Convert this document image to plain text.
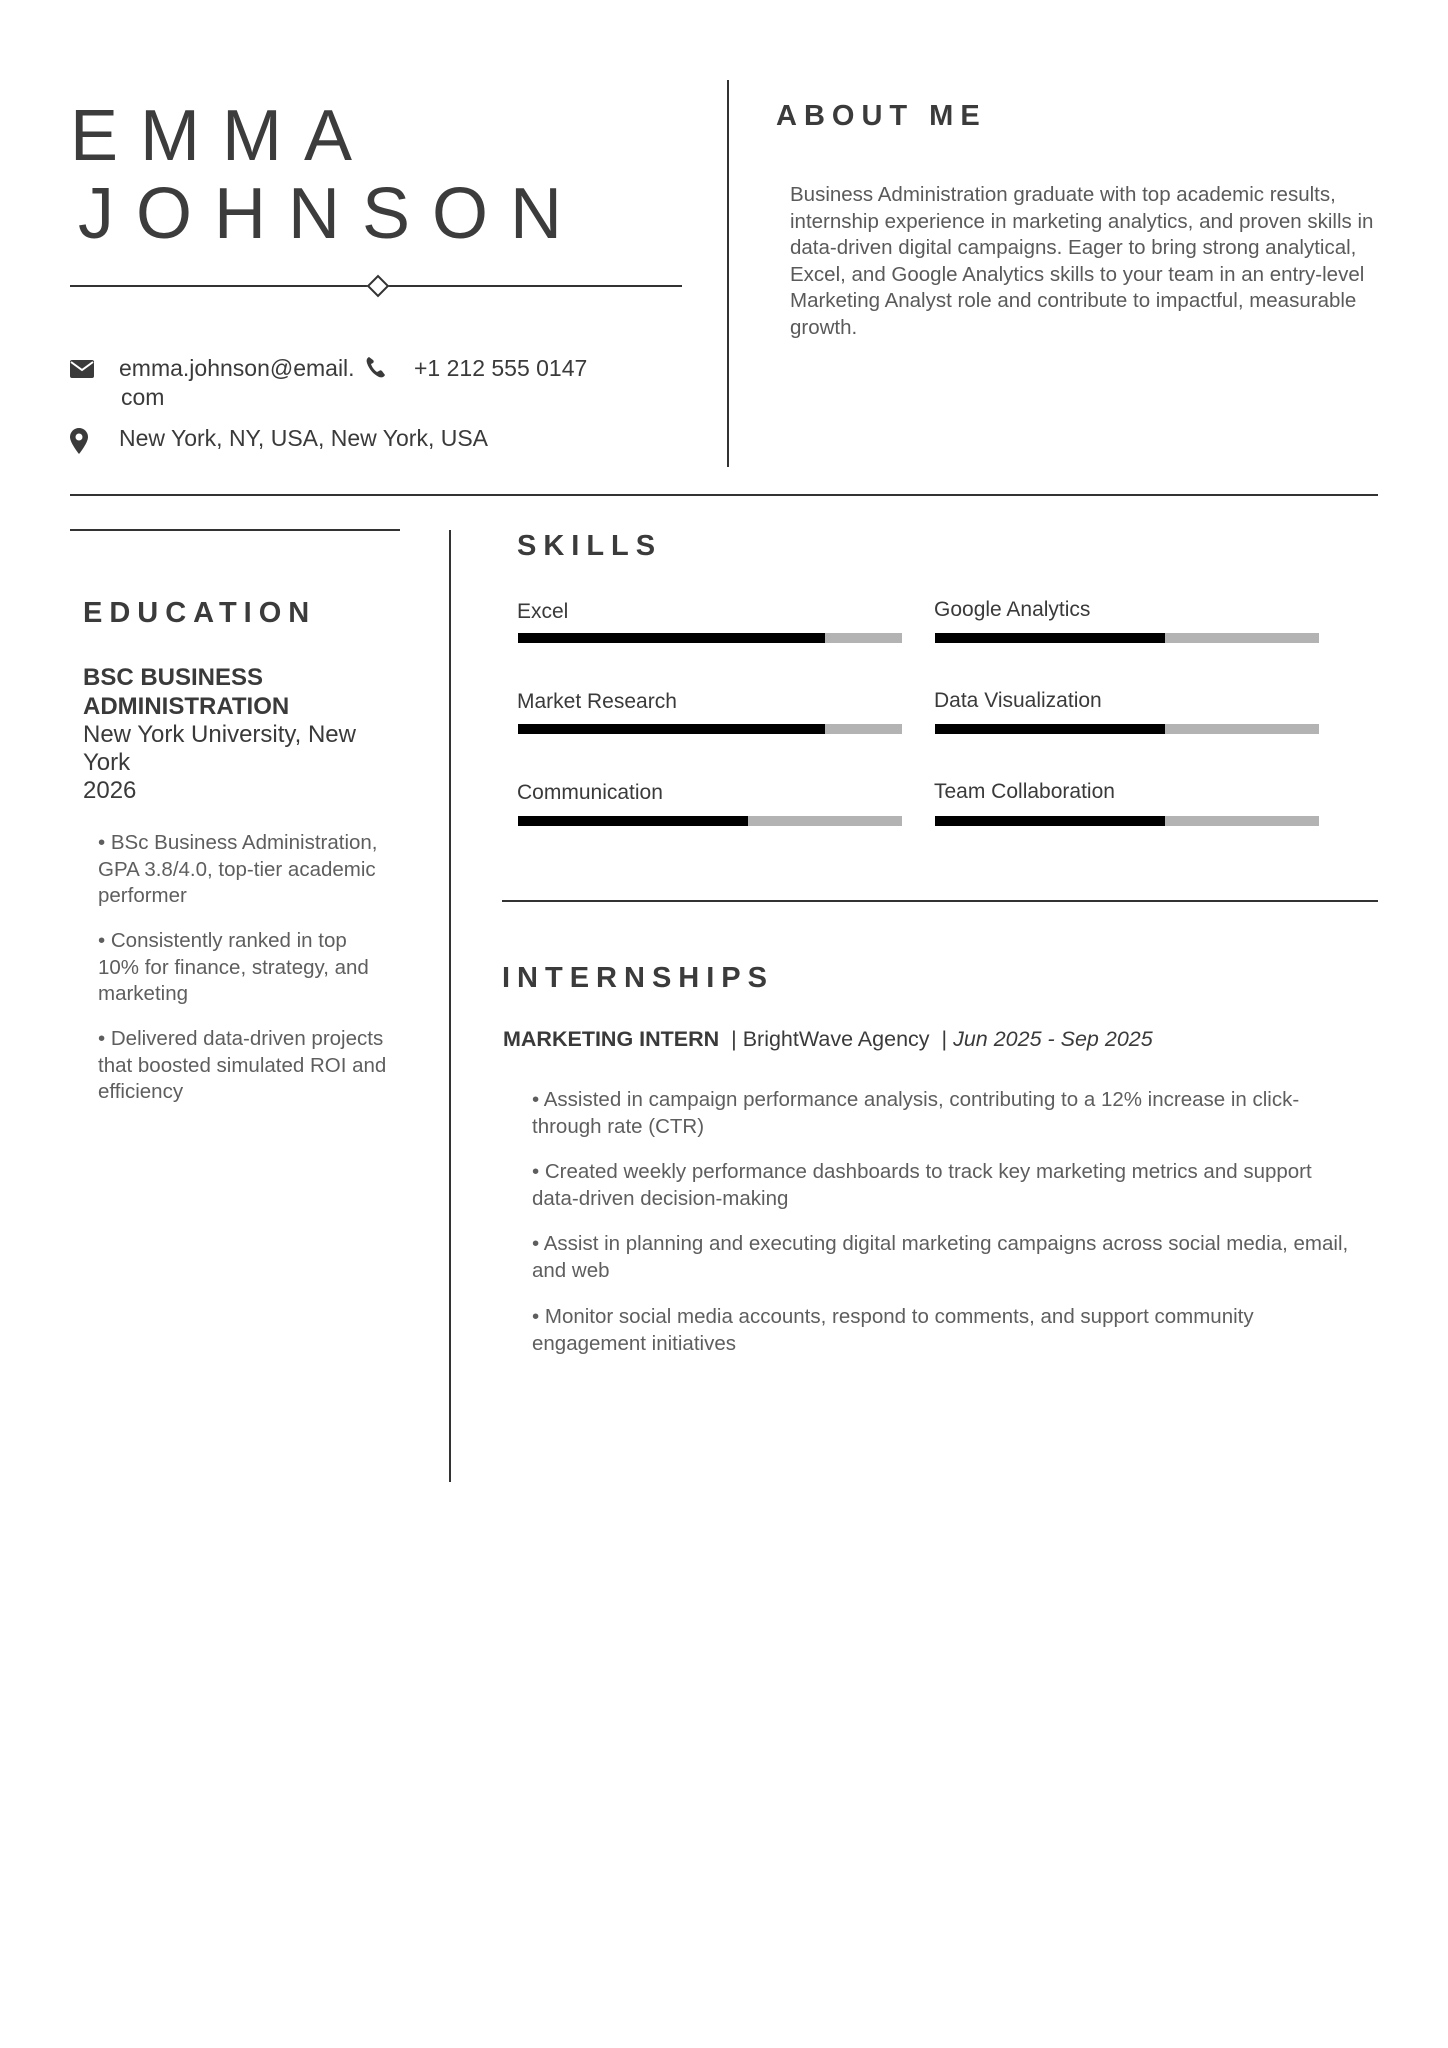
EMMA
JOHNSON
emma.johnson@email.
com
+1 212 555 0147
New York, NY, USA, New York, USA
ABOUT ME
Business Administration graduate with top academic results, internship experience in marketing analytics, and proven skills in data-driven digital campaigns. Eager to bring strong analytical, Excel, and Google Analytics skills to your team in an entry-level Marketing Analyst role and contribute to impactful, measurable growth.
EDUCATION
BSC BUSINESS ADMINISTRATION
New York University, New York
2026
• BSc Business Administration, GPA 3.8/4.0, top-tier academic performer
• Consistently ranked in top 10% for finance, strategy, and marketing
• Delivered data-driven projects that boosted simulated ROI and efficiency
SKILLS
Excel	Google Analytics
Market Research	Data Visualization
Communication	Team Collaboration
INTERNSHIPS
MARKETING INTERN | BrightWave Agency | Jun 2025 - Sep 2025
• Assisted in campaign performance analysis, contributing to a 12% increase in click-through rate (CTR)
• Created weekly performance dashboards to track key marketing metrics and support data-driven decision-making
• Assist in planning and executing digital marketing campaigns across social media, email, and web
• Monitor social media accounts, respond to comments, and support community engagement initiatives
